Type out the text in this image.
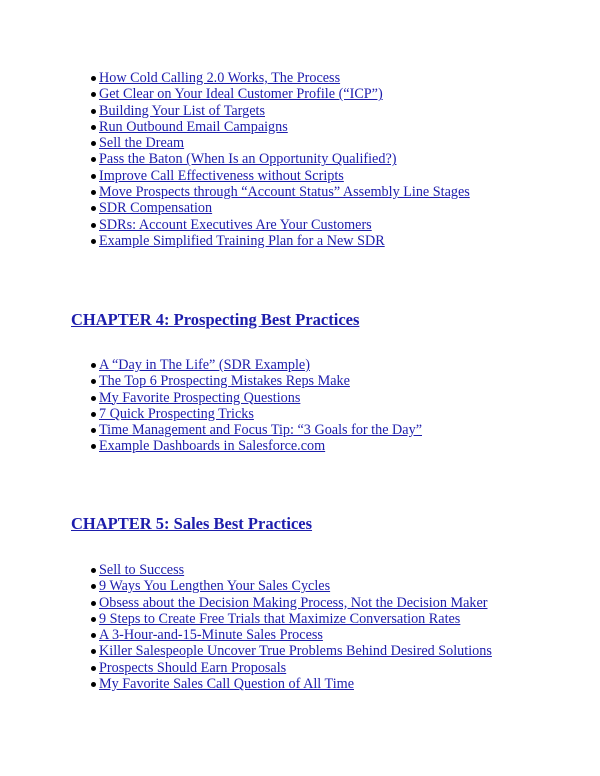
How Cold Calling 2.0 Works, The Process
Get Clear on Your Ideal Customer Profile (“ICP”)
Building Your List of Targets
Run Outbound Email Campaigns
Sell the Dream
Pass the Baton (When Is an Opportunity Qualified?)
Improve Call Effectiveness without Scripts
Move Prospects through “Account Status” Assembly Line Stages
SDR Compensation
SDRs: Account Executives Are Your Customers
Example Simplified Training Plan for a New SDR
CHAPTER 4: Prospecting Best Practices
A “Day in The Life” (SDR Example)
The Top 6 Prospecting Mistakes Reps Make
My Favorite Prospecting Questions
7 Quick Prospecting Tricks
Time Management and Focus Tip: “3 Goals for the Day”
Example Dashboards in Salesforce.com
CHAPTER 5: Sales Best Practices
Sell to Success
9 Ways You Lengthen Your Sales Cycles
Obsess about the Decision Making Process, Not the Decision Maker
9 Steps to Create Free Trials that Maximize Conversation Rates
A 3-Hour-and-15-Minute Sales Process
Killer Salespeople Uncover True Problems Behind Desired Solutions
Prospects Should Earn Proposals
My Favorite Sales Call Question of All Time
